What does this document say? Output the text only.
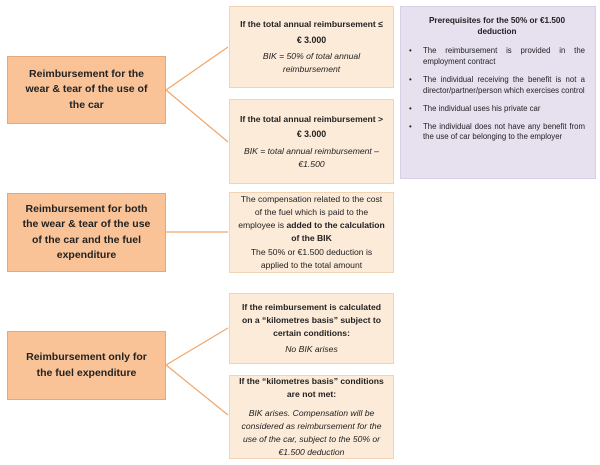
Reimbursement for the wear & tear of the use of the car
Reimbursement for both the wear & tear of the use of the car and the fuel expenditure
Reimbursement only for the fuel expenditure

If the total annual reimbursement ≤

€ 3.000

BIK = 50% of total annual reimbursement

If the total annual reimbursement >

€ 3.000

BIK = total annual reimbursement – €1.500

The compensation related to the cost of the fuel which is paid to the employee is added to the calculation of the BIK

The 50% or €1.500 deduction is applied to the total amount

If the reimbursement is calculated on a “kilometres basis” subject to certain conditions:

No BIK arises

If the “kilometres basis” conditions are not met:

BIK arises. Compensation will be considered as reimbursement for the use of the car, subject to the 50% or €1.500 deduction

Prerequisites for the 50% or €1.500 deduction
• The reimbursement is provided in the employment contract
• The individual receiving the benefit is not a director/partner/person which exercises control
• The individual uses his private car
• The individual does not have any benefit from the use of car belonging to the employer
